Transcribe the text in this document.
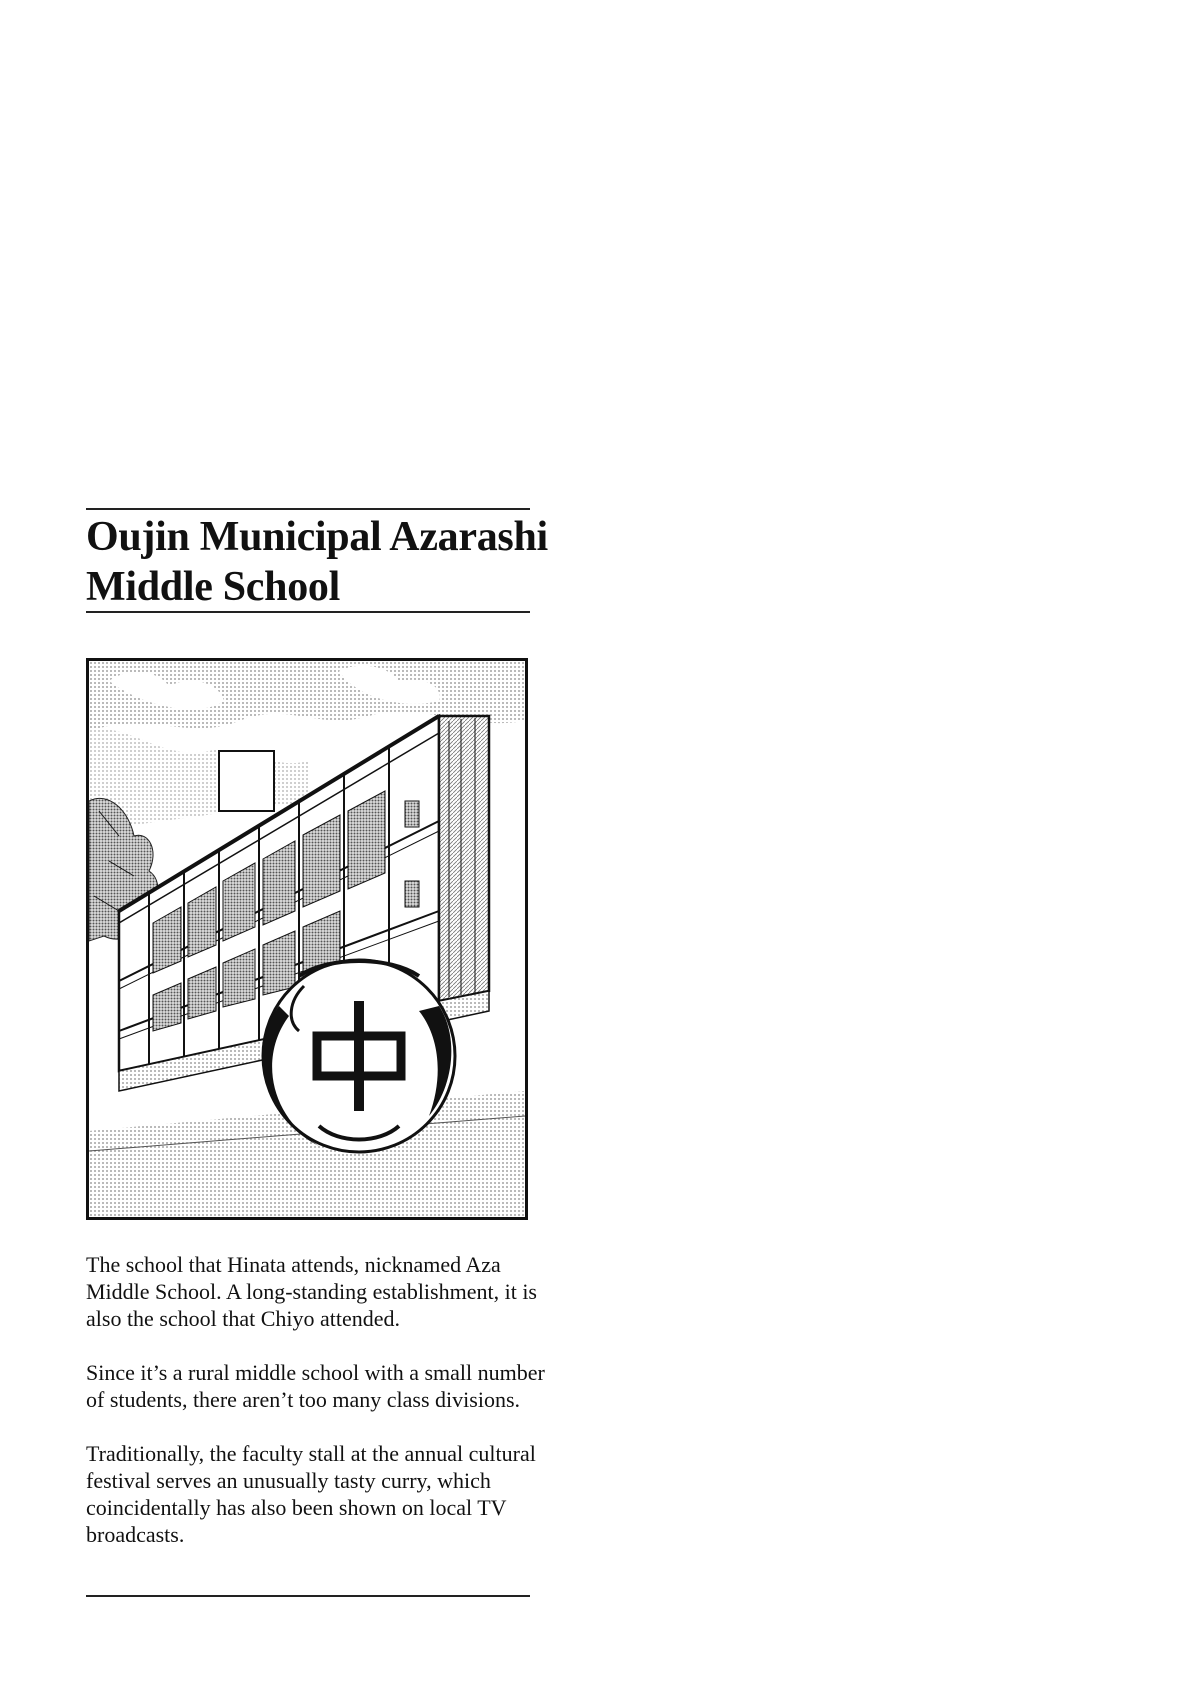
Oujin Municipal Azarashi
Middle School

The school that Hinata attends, nicknamed Aza Middle School. A long-standing establishment, it is also the school that Chiyo attended.

Since it’s a rural middle school with a small number of students, there aren’t too many class divisions.

Traditionally, the faculty stall at the annual cultural festival serves an unusually tasty curry, which coincidentally has also been shown on local TV broadcasts.
